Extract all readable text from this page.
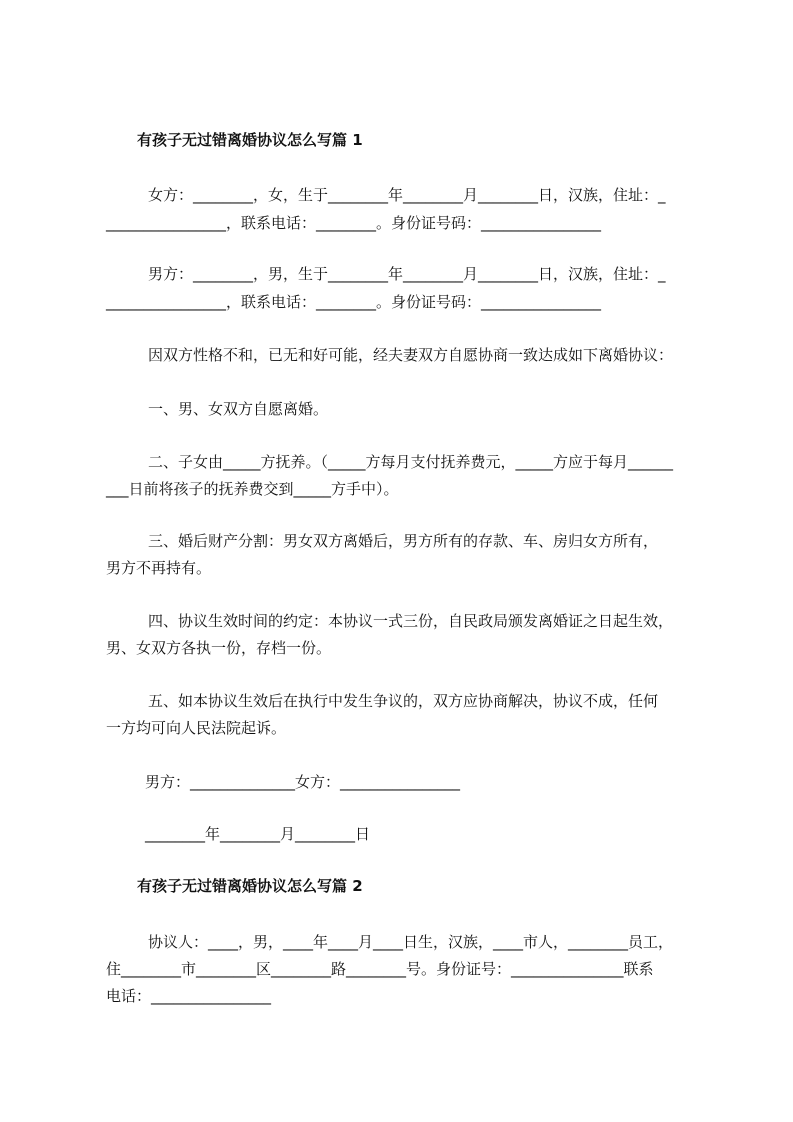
有孩子无过错离婚协议怎么写篇 1

女方：________，女，生于________年________月________日，汉族，住址：_

________________，联系电话：________。身份证号码：________________

男方：________，男，生于________年________月________日，汉族，住址：_

________________，联系电话：________。身份证号码：________________

因双方性格不和，已无和好可能，经夫妻双方自愿协商一致达成如下离婚协议：

一、男、女双方自愿离婚。

二、子女由_____方抚养。（_____方每月支付抚养费元，_____方应于每月______

___日前将孩子的抚养费交到_____方手中）。

三、婚后财产分割：男女双方离婚后，男方所有的存款、车、房归女方所有，

男方不再持有。

四、协议生效时间的约定：本协议一式三份，自民政局颁发离婚证之日起生效，

男、女双方各执一份，存档一份。

五、如本协议生效后在执行中发生争议的，双方应协商解决，协议不成，任何

一方均可向人民法院起诉。

男方：______________女方：________________

________年________月________日

有孩子无过错离婚协议怎么写篇 2

协议人：____，男，____年____月____日生，汉族，____市人，________员工，

住________市________区________路________号。身份证号：_______________联系

电话：________________
